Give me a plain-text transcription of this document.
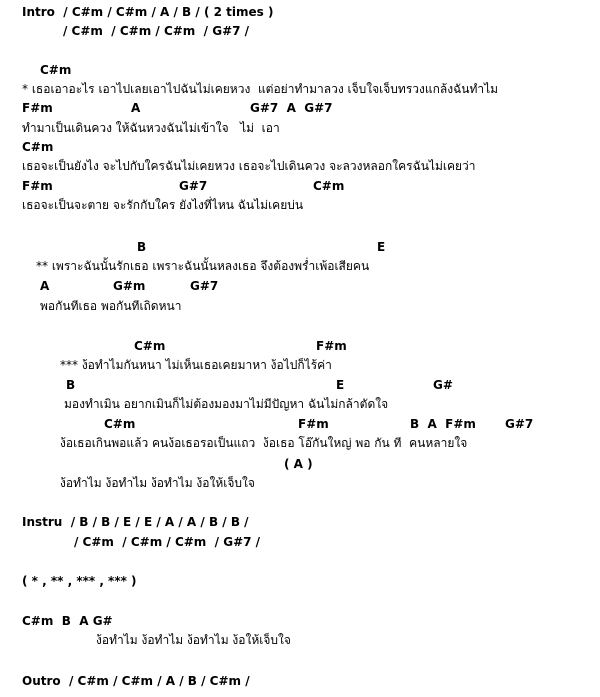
Intro  / C#m / C#m / A / B / ( 2 times )
/ C#m  / C#m / C#m  / G#7 /
C#m
* เธอเอาอะไร เอาไปเลยเอาไปฉันไม่เคยหวง  แต่อย่าทำมาลวง เจ็บใจเจ็บทรวงแกล้งฉันทำไม
F#m	A	G#7  A  G#7
ทำมาเป็นเดินควง ให้ฉันหวงฉันไม่เข้าใจ   ไม่  เอา
C#m
เธอจะเป็นยังไง จะไปกับใครฉันไม่เคยหวง เธอจะไปเดินควง จะลวงหลอกใครฉันไม่เคยว่า
F#m	G#7	C#m
เธอจะเป็นจะตาย จะรักกับใคร ยังไงที่ไหน ฉันไม่เคยบ่น
B	E
** เพราะฉันนั้นรักเธอ เพราะฉันนั้นหลงเธอ จึงต้องพร่ำเพ้อเสียคน
A	G#m	G#7
พอกันทีเธอ พอกันทีเถิดหนา
C#m	F#m
*** ง้อทำไมกันหนา ไม่เห็นเธอเคยมาหา ง้อไปก็ไร้ค่า
B	E	G#
มองทำเมิน อยากเมินก็ไม่ต้องมองมาไม่มีปัญหา ฉันไม่กล้าตัดใจ
C#m	F#m	B  A  F#m G#7
ง้อเธอเกินพอแล้ว คนง้อเธอรอเป็นแถว  ง้อเธอ โอ๊กันใหญ่ พอ กัน ที  คนหลายใจ
( A )
ง้อทำไม ง้อทำไม ง้อทำไม ง้อให้เจ็บใจ
Instru  / B / B / E / E / A / A / B / B /
/ C#m  / C#m / C#m  / G#7 /
( * , ** , *** , *** )
C#m  B  A G#
ง้อทำไม ง้อทำไม ง้อทำไม ง้อให้เจ็บใจ
Outro  / C#m / C#m / A / B / C#m /
